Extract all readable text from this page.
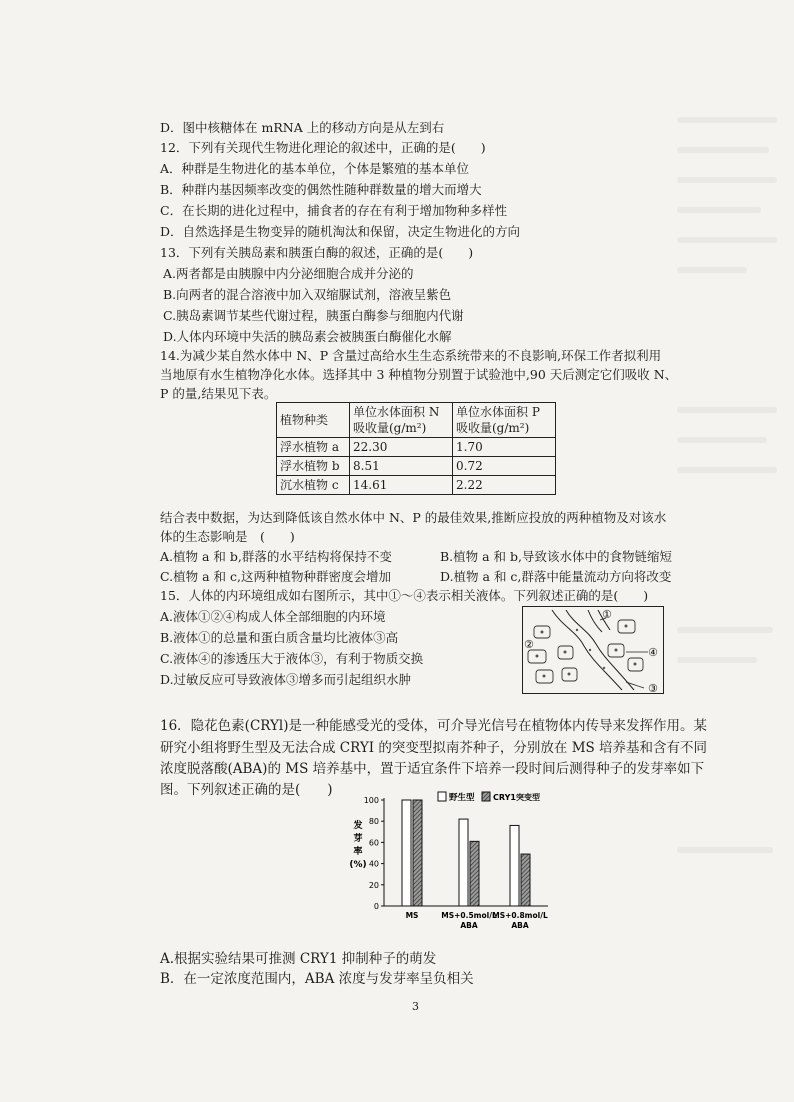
D．图中核糖体在 mRNA 上的移动方向是从左到右
12．下列有关现代生物进化理论的叙述中，正确的是(　　)
A．种群是生物进化的基本单位，个体是繁殖的基本单位
B．种群内基因频率改变的偶然性随种群数量的增大而增大
C．在长期的进化过程中，捕食者的存在有利于增加物种多样性
D．自然选择是生物变异的随机淘汰和保留，决定生物进化的方向
13．下列有关胰岛素和胰蛋白酶的叙述，正确的是(　　)
A.两者都是由胰腺中内分泌细胞合成并分泌的
B.向两者的混合溶液中加入双缩脲试剂，溶液呈紫色
C.胰岛素调节某些代谢过程，胰蛋白酶参与细胞内代谢
D.人体内环境中失活的胰岛素会被胰蛋白酶催化水解
14.为减少某自然水体中 N、P 含量过高给水生生态系统带来的不良影响,环保工作者拟利用
当地原有水生植物净化水体。选择其中 3 种植物分别置于试验池中,90 天后测定它们吸收 N、
P 的量,结果见下表。
植物种类	单位水体面积 N 吸收量(g/m²)	单位水体面积 P 吸收量(g/m²)
浮水植物 a	22.30	1.70
浮水植物 b	8.51	0.72
沉水植物 c	14.61	2.22
结合表中数据，为达到降低该自然水体中 N、P 的最佳效果,推断应投放的两种植物及对该水
体的生态影响是　(　　)
A.植物 a 和 b,群落的水平结构将保持不变	B.植物 a 和 b,导致该水体中的食物链缩短
C.植物 a 和 c,这两种植物种群密度会增加	D.植物 a 和 c,群落中能量流动方向将改变
15．人体的内环境组成如右图所示，其中①～④表示相关液体。下列叙述正确的是(　　)
A.液体①②④构成人体全部细胞的内环境
B.液体①的总量和蛋白质含量均比液体③高
C.液体④的渗透压大于液体③，有利于物质交换
D.过敏反应可导致液体③增多而引起组织水肿
①
②
③
④
16．隐花色素(CRYl)是一种能感受光的受体，可介导光信号在植物体内传导来发挥作用。某
研究小组将野生型及无法合成 CRYI 的突变型拟南芥种子，分别放在 MS 培养基和含有不同
浓度脱落酸(ABA)的 MS 培养基中，置于适宜条件下培养一段时间后测得种子的发芽率如下
图。下列叙述正确的是(　　)
100
80
60
40
20
0
发
芽
率
(%)
MS	MS+0.5mol/L
ABA
MS+0.8mol/L
ABA
野生型 CRY1突变型
A.根据实验结果可推测 CRY1 抑制种子的萌发
B．在一定浓度范围内，ABA 浓度与发芽率呈负相关
3
